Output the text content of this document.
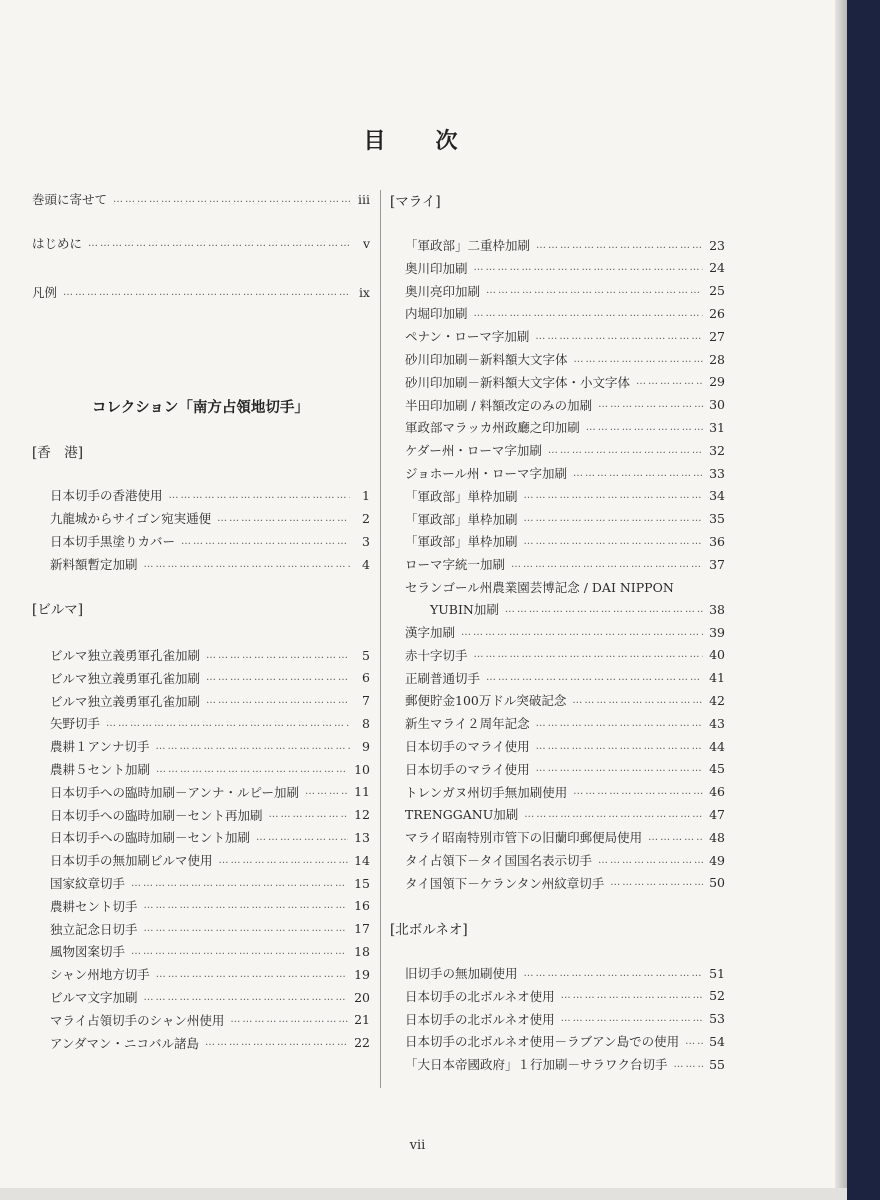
目　次
vii
巻頭に寄せて ……………………………………………………………………………………………………………………………………………………………	iii
はじめに ……………………………………………………………………………………………………………………………………………………………	v
凡例 ……………………………………………………………………………………………………………………………………………………………	ix
コレクション「南方占領地切手」
[香　港]
日本切手の香港使用 ……………………………………………………………………………………………………………………………………………………………	1
九龍城からサイゴン宛実逓便 ……………………………………………………………………………………………………………………………………………………………	2
日本切手黒塗りカバー ……………………………………………………………………………………………………………………………………………………………	3
新料額暫定加刷 ……………………………………………………………………………………………………………………………………………………………	4
[ビルマ]
ビルマ独立義勇軍孔雀加刷 ……………………………………………………………………………………………………………………………………………………………	5
ビルマ独立義勇軍孔雀加刷 ……………………………………………………………………………………………………………………………………………………………	6
ビルマ独立義勇軍孔雀加刷 ……………………………………………………………………………………………………………………………………………………………	7
矢野切手 ……………………………………………………………………………………………………………………………………………………………	8
農耕１アンナ切手 ……………………………………………………………………………………………………………………………………………………………	9
農耕５セント加刷 ……………………………………………………………………………………………………………………………………………………………	10
日本切手への臨時加刷－アンナ・ルピー加刷 ……………………………………………………………………………………………………………………………………………………………	11
日本切手への臨時加刷－セント再加刷 ……………………………………………………………………………………………………………………………………………………………	12
日本切手への臨時加刷－セント加刷 ……………………………………………………………………………………………………………………………………………………………	13
日本切手の無加刷ビルマ使用 ……………………………………………………………………………………………………………………………………………………………	14
国家紋章切手 ……………………………………………………………………………………………………………………………………………………………	15
農耕セント切手 ……………………………………………………………………………………………………………………………………………………………	16
独立記念日切手 ……………………………………………………………………………………………………………………………………………………………	17
風物図案切手 ……………………………………………………………………………………………………………………………………………………………	18
シャン州地方切手 ……………………………………………………………………………………………………………………………………………………………	19
ビルマ文字加刷 ……………………………………………………………………………………………………………………………………………………………	20
マライ占領切手のシャン州使用 ……………………………………………………………………………………………………………………………………………………………	21
アンダマン・ニコバル諸島 ……………………………………………………………………………………………………………………………………………………………	22
[マライ]
「軍政部」二重枠加刷 ……………………………………………………………………………………………………………………………………………………………	23
奥川印加刷 ……………………………………………………………………………………………………………………………………………………………	24
奥川亮印加刷 ……………………………………………………………………………………………………………………………………………………………	25
内堀印加刷 ……………………………………………………………………………………………………………………………………………………………	26
ペナン・ローマ字加刷 ……………………………………………………………………………………………………………………………………………………………	27
砂川印加刷－新料額大文字体 ……………………………………………………………………………………………………………………………………………………………	28
砂川印加刷－新料額大文字体・小文字体 ……………………………………………………………………………………………………………………………………………………………	29
半田印加刷 / 料額改定のみの加刷 ……………………………………………………………………………………………………………………………………………………………	30
軍政部マラッカ州政廳之印加刷 ……………………………………………………………………………………………………………………………………………………………	31
ケダー州・ローマ字加刷 ……………………………………………………………………………………………………………………………………………………………	32
ジョホール州・ローマ字加刷 ……………………………………………………………………………………………………………………………………………………………	33
「軍政部」単枠加刷 ……………………………………………………………………………………………………………………………………………………………	34
「軍政部」単枠加刷 ……………………………………………………………………………………………………………………………………………………………	35
「軍政部」単枠加刷 ……………………………………………………………………………………………………………………………………………………………	36
ローマ字統一加刷 ……………………………………………………………………………………………………………………………………………………………	37
セランゴール州農業園芸博記念 / DAI NIPPON
YUBIN加刷 ……………………………………………………………………………………………………………………………………………………………	38
漢字加刷 ……………………………………………………………………………………………………………………………………………………………	39
赤十字切手 ……………………………………………………………………………………………………………………………………………………………	40
正刷普通切手 ……………………………………………………………………………………………………………………………………………………………	41
郵便貯金100万ドル突破記念 ……………………………………………………………………………………………………………………………………………………………	42
新生マライ２周年記念 ……………………………………………………………………………………………………………………………………………………………	43
日本切手のマライ使用 ……………………………………………………………………………………………………………………………………………………………	44
日本切手のマライ使用 ……………………………………………………………………………………………………………………………………………………………	45
トレンガヌ州切手無加刷使用 ……………………………………………………………………………………………………………………………………………………………	46
TRENGGANU加刷 ……………………………………………………………………………………………………………………………………………………………	47
マライ昭南特別市管下の旧蘭印郵便局使用 ……………………………………………………………………………………………………………………………………………………………	48
タイ占領下－タイ国国名表示切手 ……………………………………………………………………………………………………………………………………………………………	49
タイ国領下－ケランタン州紋章切手 ……………………………………………………………………………………………………………………………………………………………	50
[北ボルネオ]
旧切手の無加刷使用 ……………………………………………………………………………………………………………………………………………………………	51
日本切手の北ボルネオ使用 ……………………………………………………………………………………………………………………………………………………………	52
日本切手の北ボルネオ使用 ……………………………………………………………………………………………………………………………………………………………	53
日本切手の北ボルネオ使用－ラブアン島での使用 …………………………………………………………………………………………………………………………………………………………… 54
「大日本帝國政府」１行加刷－サラワク台切手 ……………………………………………………………………………………………………………………………………………………………	55
